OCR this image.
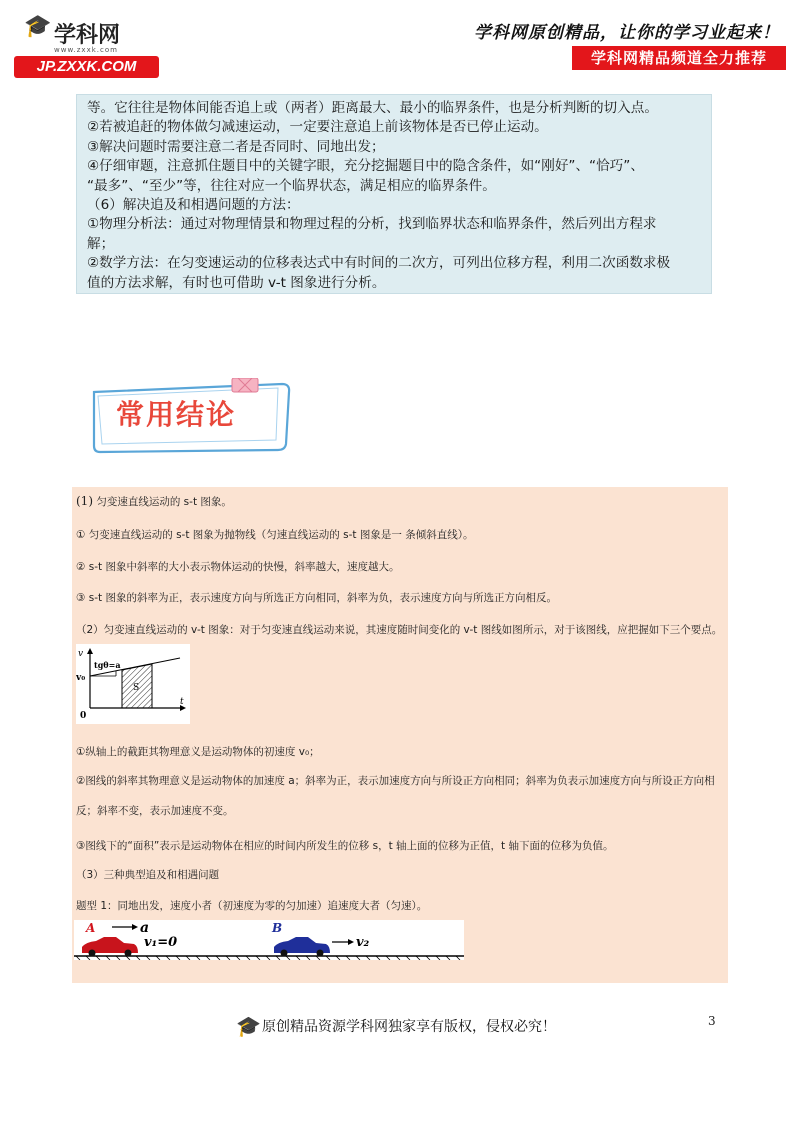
🎓 学科网
www.zxxk.com
JP.ZXXK.COM
学科网原创精品，让你的学习业起来！
学科网精品频道全力推荐

等。它往往是物体间能否追上或（两者）距离最大、最小的临界条件，也是分析判断的切入点。

②若被追赶的物体做匀减速运动，一定要注意追上前该物体是否已停止运动。

③解决问题时需要注意二者是否同时、同地出发；

④仔细审题，注意抓住题目中的关键字眼，充分挖掘题目中的隐含条件，如“刚好”、“恰巧”、

“最多”、“至少”等，往往对应一个临界状态，满足相应的临界条件。

（6）解决追及和相遇问题的方法：

①物理分析法：通过对物理情景和物理过程的分析，找到临界状态和临界条件，然后列出方程求

解；

②数学方法：在匀变速运动的位移表达式中有时间的二次方，可列出位移方程，利用二次函数求极

值的方法求解，有时也可借助 v-t 图象进行分析。

常用结论
(1) 匀变速直线运动的 s-t 图象。
① 匀变速直线运动的 s-t 图象为抛物线（匀速直线运动的 s-t 图象是一 条倾斜直线）。
② s-t 图象中斜率的大小表示物体运动的快慢，斜率越大，速度越大。
③ s-t 图象的斜率为正，表示速度方向与所选正方向相同，斜率为负，表示速度方向与所选正方向相反。
（2）匀变速直线运动的 v-t 图象：对于匀变速直线运动来说，其速度随时间变化的 v-t 图线如图所示，对于该图线，应把握如下三个要点。
v
t
0
v₀
tgθ=a
S
①纵轴上的截距其物理意义是运动物体的初速度 v₀；
②图线的斜率其物理意义是运动物体的加速度 a；斜率为正，表示加速度方向与所设正方向相同；斜率为负表示加速度方向与所设正方向相反；斜率不变，表示加速度不变。
③图线下的“面积”表示是运动物体在相应的时间内所发生的位移 s，t 轴上面的位移为正值，t 轴下面的位移为负值。
（3）三种典型追及和相遇问题
题型 1：同地出发，速度小者（初速度为零的匀加速）追速度大者（匀速）。
A	a
v₁=0
B
v₂
3
🎓 原创精品资源学科网独家享有版权，侵权必究！
